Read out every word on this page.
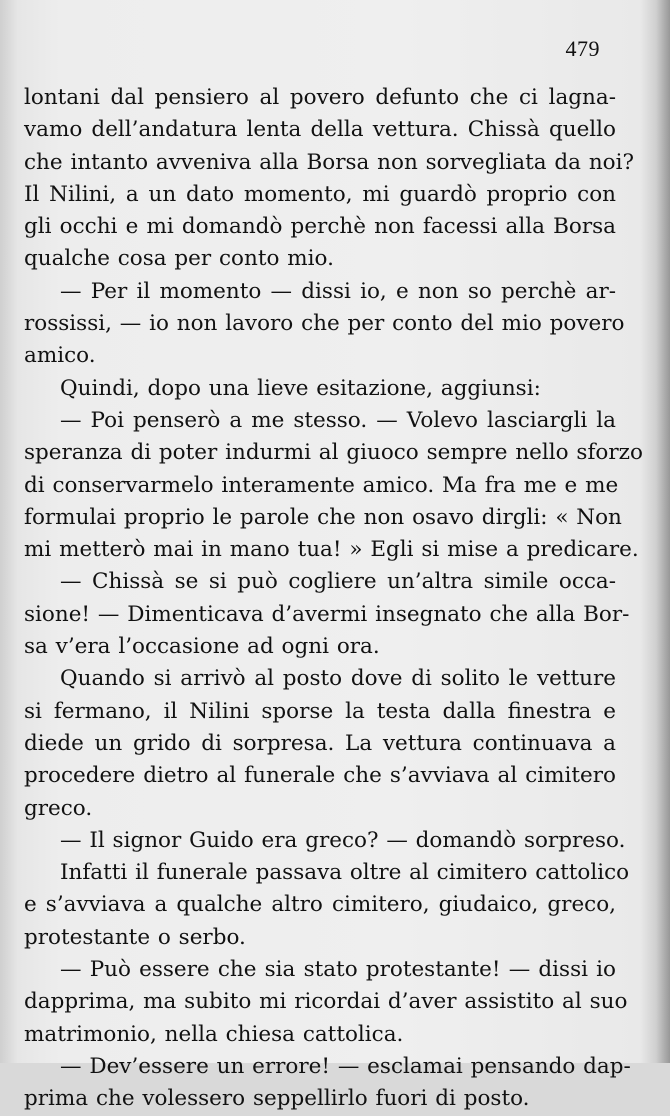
479
lontani dal pensiero al povero defunto che ci lagna-
vamo dell’andatura lenta della vettura. Chissà quello
che intanto avveniva alla Borsa non sorvegliata da noi?
Il Nilini, a un dato momento, mi guardò proprio con
gli occhi e mi domandò perchè non facessi alla Borsa
qualche cosa per conto mio.
— Per il momento — dissi io, e non so perchè ar-
rossissi, — io non lavoro che per conto del mio povero
amico.
Quindi, dopo una lieve esitazione, aggiunsi:
— Poi penserò a me stesso. — Volevo lasciargli la
speranza di poter indurmi al giuoco sempre nello sforzo
di conservarmelo interamente amico. Ma fra me e me
formulai proprio le parole che non osavo dirgli: « Non
mi metterò mai in mano tua! » Egli si mise a predicare.
— Chissà se si può cogliere un’altra simile occa-
sione! — Dimenticava d’avermi insegnato che alla Bor-
sa v’era l’occasione ad ogni ora.
Quando si arrivò al posto dove di solito le vetture
si fermano, il Nilini sporse la testa dalla finestra e
diede un grido di sorpresa. La vettura continuava a
procedere dietro al funerale che s’avviava al cimitero
greco.
— Il signor Guido era greco? — domandò sorpreso.
Infatti il funerale passava oltre al cimitero cattolico
e s’avviava a qualche altro cimitero, giudaico, greco,
protestante o serbo.
— Può essere che sia stato protestante! — dissi io
dapprima, ma subito mi ricordai d’aver assistito al suo
matrimonio, nella chiesa cattolica.
— Dev’essere un errore! — esclamai pensando dap-
prima che volessero seppellirlo fuori di posto.
